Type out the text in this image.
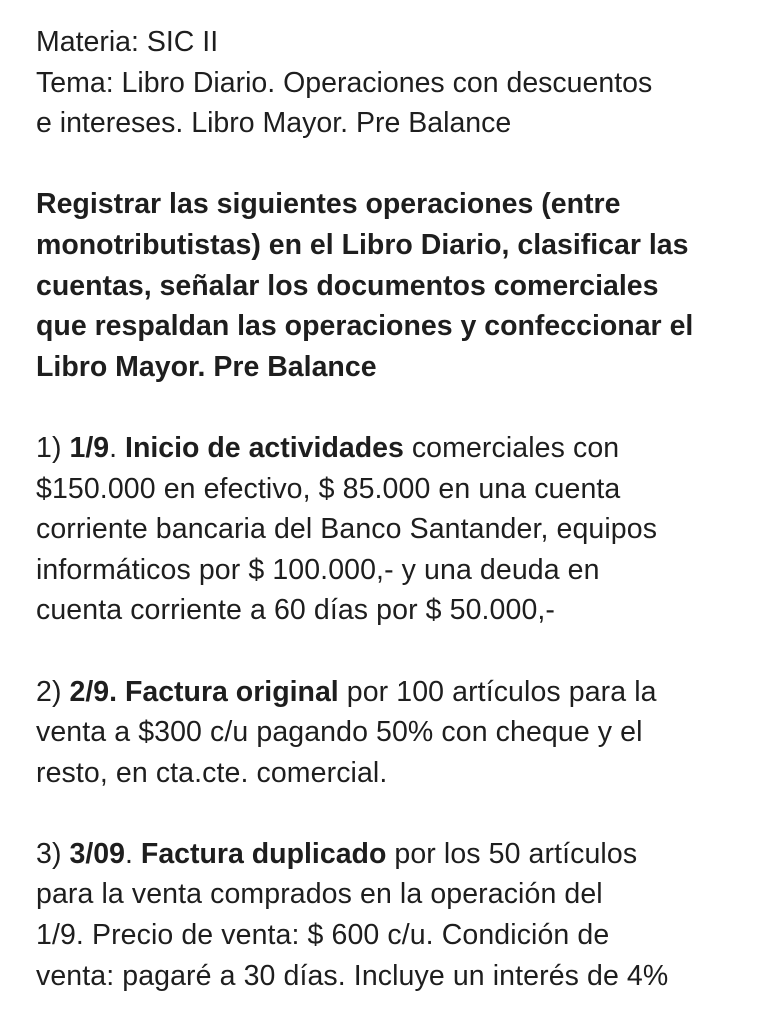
Materia: SIC II
Tema: Libro Diario. Operaciones con descuentos
e intereses. Libro Mayor. Pre Balance
Registrar las siguientes operaciones (entre
monotributistas) en el Libro Diario, clasificar las
cuentas, señalar los documentos comerciales
que respaldan las operaciones y confeccionar el
Libro Mayor. Pre Balance
1) 1/9. Inicio de actividades comerciales con
$150.000 en efectivo, $ 85.000 en una cuenta
corriente bancaria del Banco Santander, equipos
informáticos por $ 100.000,- y una deuda en
cuenta corriente a 60 días por $ 50.000,-
2) 2/9. Factura original por 100 artículos para la
venta a $300 c/u pagando 50% con cheque y el
resto, en cta.cte. comercial.
3) 3/09. Factura duplicado por los 50 artículos
para la venta comprados en la operación del
1/9. Precio de venta: $ 600 c/u. Condición de
venta: pagaré a 30 días. Incluye un interés de 4%
